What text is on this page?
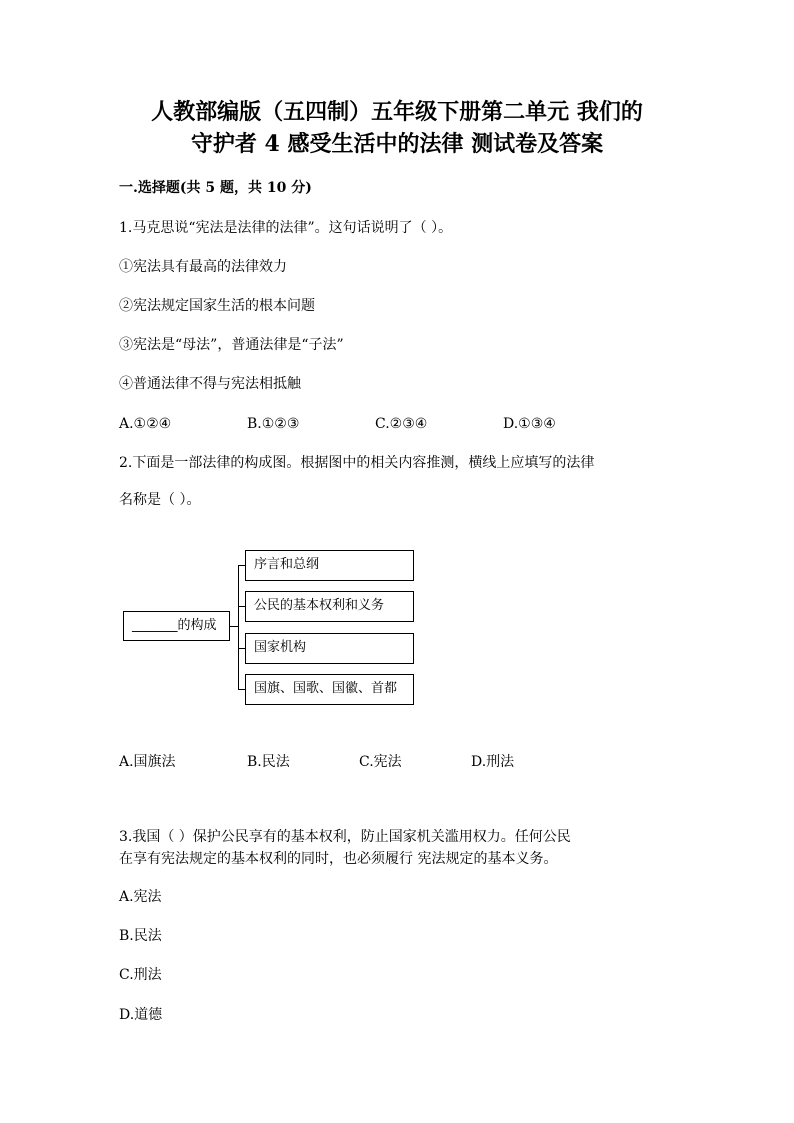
人教部编版（五四制）五年级下册第二单元 我们的
守护者 4 感受生活中的法律 测试卷及答案
一.选择题(共 5 题，共 10 分)
1.马克思说“宪法是法律的法律”。这句话说明了（ ）。
①宪法具有最高的法律效力
②宪法规定国家生活的根本问题
③宪法是“母法”，普通法律是“子法”
④普通法律不得与宪法相抵触
A.①②④	B.①②③	C.②③④	D.①③④
2.下面是一部法律的构成图。根据图中的相关内容推测，横线上应填写的法律
名称是（ ）。
_______的构成
序言和总纲
公民的基本权利和义务
国家机构
国旗、国歌、国徽、首都
A.国旗法	B.民法	C.宪法	D.刑法
3.我国（ ）保护公民享有的基本权利，防止国家机关滥用权力。任何公民
在享有宪法规定的基本权利的同时，也必须履行 宪法规定的基本义务。
A.宪法
B.民法
C.刑法
D.道德
